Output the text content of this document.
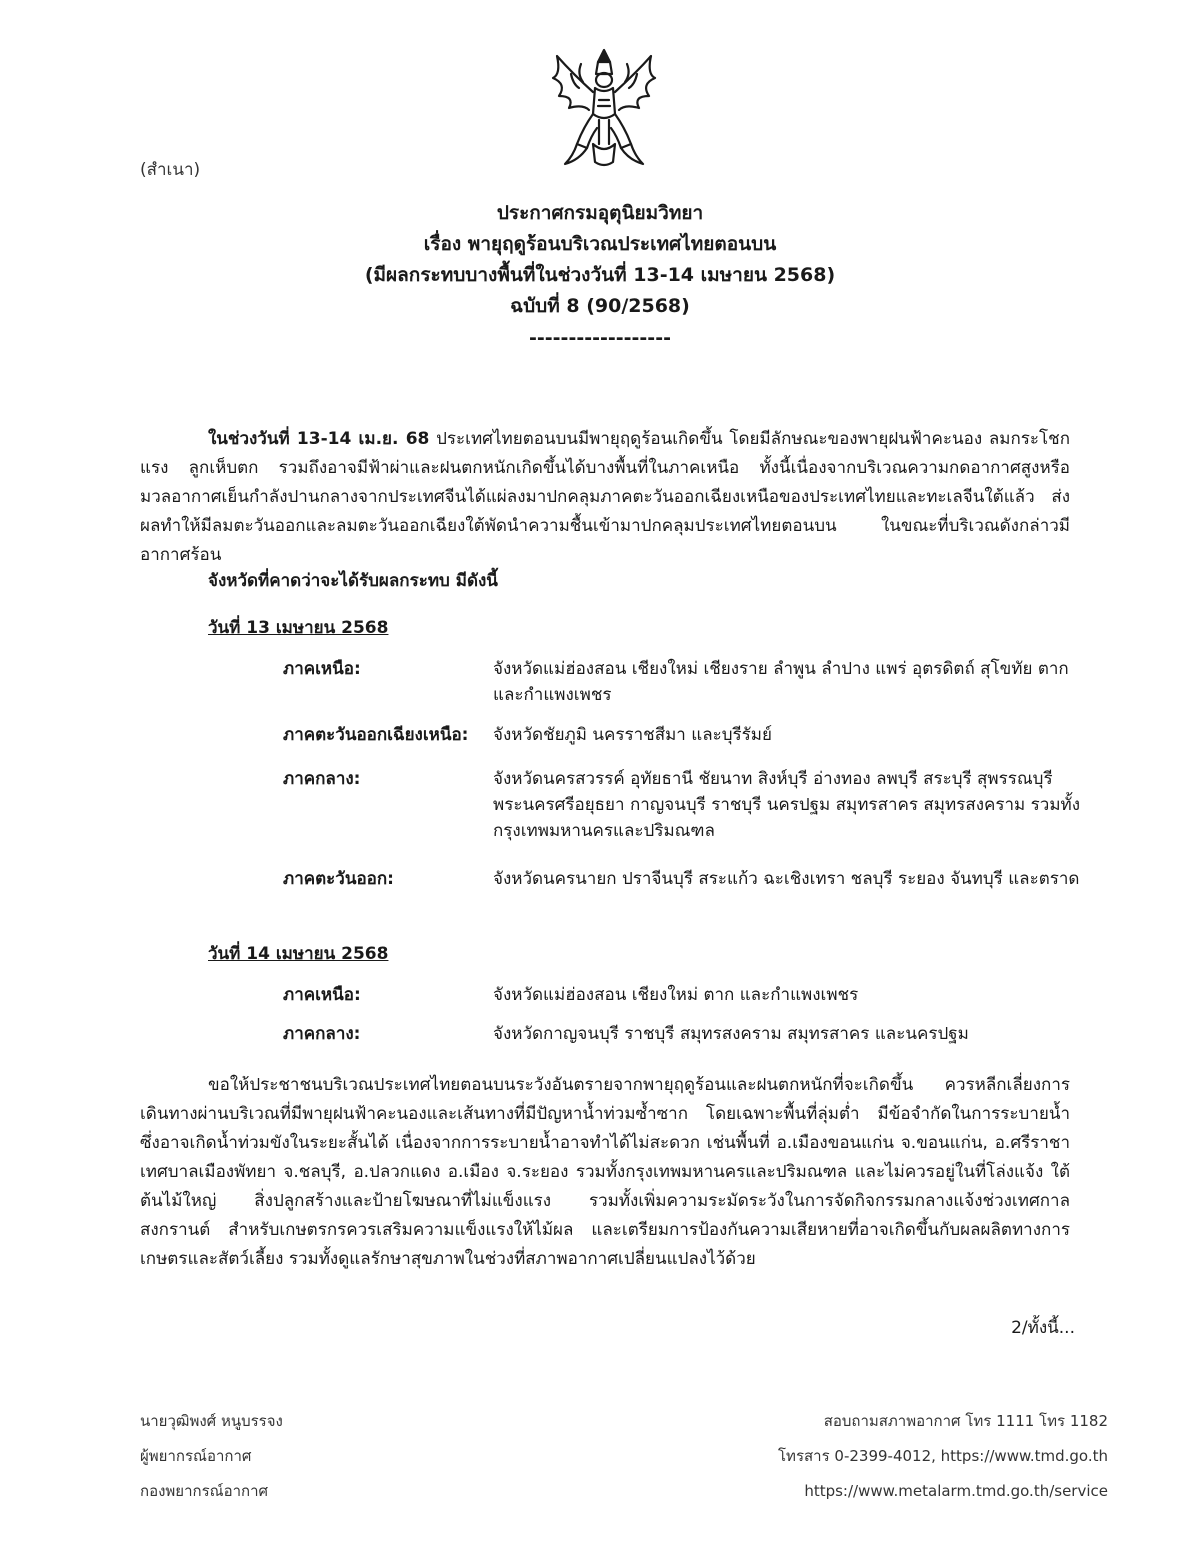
(สำเนา)
ประกาศกรมอุตุนิยมวิทยา
เรื่อง พายุฤดูร้อนบริเวณประเทศไทยตอนบน
(มีผลกระทบบางพื้นที่ในช่วงวันที่ 13-14 เมษายน 2568)
ฉบับที่ 8 (90/2568)
------------------
ในช่วงวันที่ 13-14 เม.ย. 68 ประเทศไทยตอนบนมีพายุฤดูร้อนเกิดขึ้น โดยมีลักษณะของพายุฝนฟ้าคะนอง ลมกระโชกแรง ลูกเห็บตก รวมถึงอาจมีฟ้าผ่าและฝนตกหนักเกิดขึ้นได้บางพื้นที่ในภาคเหนือ ทั้งนี้เนื่องจากบริเวณความกดอากาศสูงหรือมวลอากาศเย็นกำลังปานกลางจากประเทศจีนได้แผ่ลงมาปกคลุมภาคตะวันออกเฉียงเหนือของประเทศไทยและทะเลจีนใต้แล้ว ส่งผลทำให้มีลมตะวันออกและลมตะวันออกเฉียงใต้พัดนำความชื้นเข้ามาปกคลุมประเทศไทยตอนบน ในขณะที่บริเวณดังกล่าวมีอากาศร้อน
จังหวัดที่คาดว่าจะได้รับผลกระทบ มีดังนี้
วันที่ 13 เมษายน 2568
ภาคเหนือ:	จังหวัดแม่ฮ่องสอน เชียงใหม่ เชียงราย ลำพูน ลำปาง แพร่ อุตรดิตถ์ สุโขทัย ตาก และกำแพงเพชร
ภาคตะวันออกเฉียงเหนือ:	จังหวัดชัยภูมิ นครราชสีมา และบุรีรัมย์
ภาคกลาง:	จังหวัดนครสวรรค์ อุทัยธานี ชัยนาท สิงห์บุรี อ่างทอง ลพบุรี สระบุรี สุพรรณบุรี พระนครศรีอยุธยา กาญจนบุรี ราชบุรี นครปฐม สมุทรสาคร สมุทรสงคราม รวมทั้งกรุงเทพมหานครและปริมณฑล
ภาคตะวันออก:	จังหวัดนครนายก ปราจีนบุรี สระแก้ว ฉะเชิงเทรา ชลบุรี ระยอง จันทบุรี และตราด
วันที่ 14 เมษายน 2568
ภาคเหนือ:	จังหวัดแม่ฮ่องสอน เชียงใหม่ ตาก และกำแพงเพชร
ภาคกลาง:	จังหวัดกาญจนบุรี ราชบุรี สมุทรสงคราม สมุทรสาคร และนครปฐม
ขอให้ประชาชนบริเวณประเทศไทยตอนบนระวังอันตรายจากพายุฤดูร้อนและฝนตกหนักที่จะเกิดขึ้น ควรหลีกเลี่ยงการเดินทางผ่านบริเวณที่มีพายุฝนฟ้าคะนองและเส้นทางที่มีปัญหาน้ำท่วมซ้ำซาก โดยเฉพาะพื้นที่ลุ่มต่ำ มีข้อจำกัดในการระบายน้ำ ซึ่งอาจเกิดน้ำท่วมขังในระยะสั้นได้ เนื่องจากการระบายน้ำอาจทำได้ไม่สะดวก เช่นพื้นที่ อ.เมืองขอนแก่น จ.ขอนแก่น, อ.ศรีราชา เทศบาลเมืองพัทยา จ.ชลบุรี, อ.ปลวกแดง อ.เมือง จ.ระยอง รวมทั้งกรุงเทพมหานครและปริมณฑล และไม่ควรอยู่ในที่โล่งแจ้ง ใต้ต้นไม้ใหญ่ สิ่งปลูกสร้างและป้ายโฆษณาที่ไม่แข็งแรง รวมทั้งเพิ่มความระมัดระวังในการจัดกิจกรรมกลางแจ้งช่วงเทศกาลสงกรานต์ สำหรับเกษตรกรควรเสริมความแข็งแรงให้ไม้ผล และเตรียมการป้องกันความเสียหายที่อาจเกิดขึ้นกับผลผลิตทางการเกษตรและสัตว์เลี้ยง รวมทั้งดูแลรักษาสุขภาพในช่วงที่สภาพอากาศเปลี่ยนแปลงไว้ด้วย
2/ทั้งนี้...
นายวุฒิพงศ์ หนูบรรจง
ผู้พยากรณ์อากาศ
กองพยากรณ์อากาศ
สอบถามสภาพอากาศ โทร 1111 โทร 1182
โทรสาร 0-2399-4012, https://www.tmd.go.th
https://www.metalarm.tmd.go.th/service
